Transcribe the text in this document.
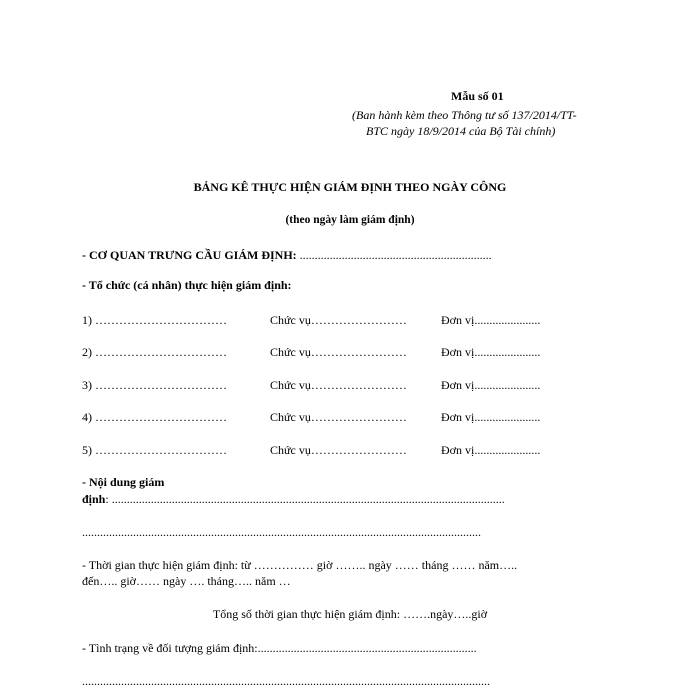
Mẫu số 01
(Ban hành kèm theo Thông tư số 137/2014/TT-
BTC ngày 18/9/2014 của Bộ Tài chính)
BẢNG KÊ THỰC HIỆN GIÁM ĐỊNH THEO NGÀY CÔNG
(theo ngày làm giám định)
- CƠ QUAN TRƯNG CẦU GIÁM ĐỊNH: ................................................................
- Tổ chức (cá nhân) thực hiện giám định:
1) ……………………………	Chức vụ……………………	Đơn vị......................
2) ……………………………	Chức vụ……………………	Đơn vị......................
3) ……………………………	Chức vụ……………………	Đơn vị......................
4) ……………………………	Chức vụ……………………	Đơn vị......................
5) ……………………………	Chức vụ……………………	Đơn vị......................
- Nội dung giám
định: ...................................................................................................................................
.....................................................................................................................................
- Thời gian thực hiện giám định: từ …………… giờ …….. ngày …… tháng …… năm…..
đến….. giờ…… ngày …. tháng….. năm …
Tổng số thời gian thực hiện giám định: …….ngày…..giờ
- Tình trạng về đối tượng giám định:.........................................................................
........................................................................................................................................
